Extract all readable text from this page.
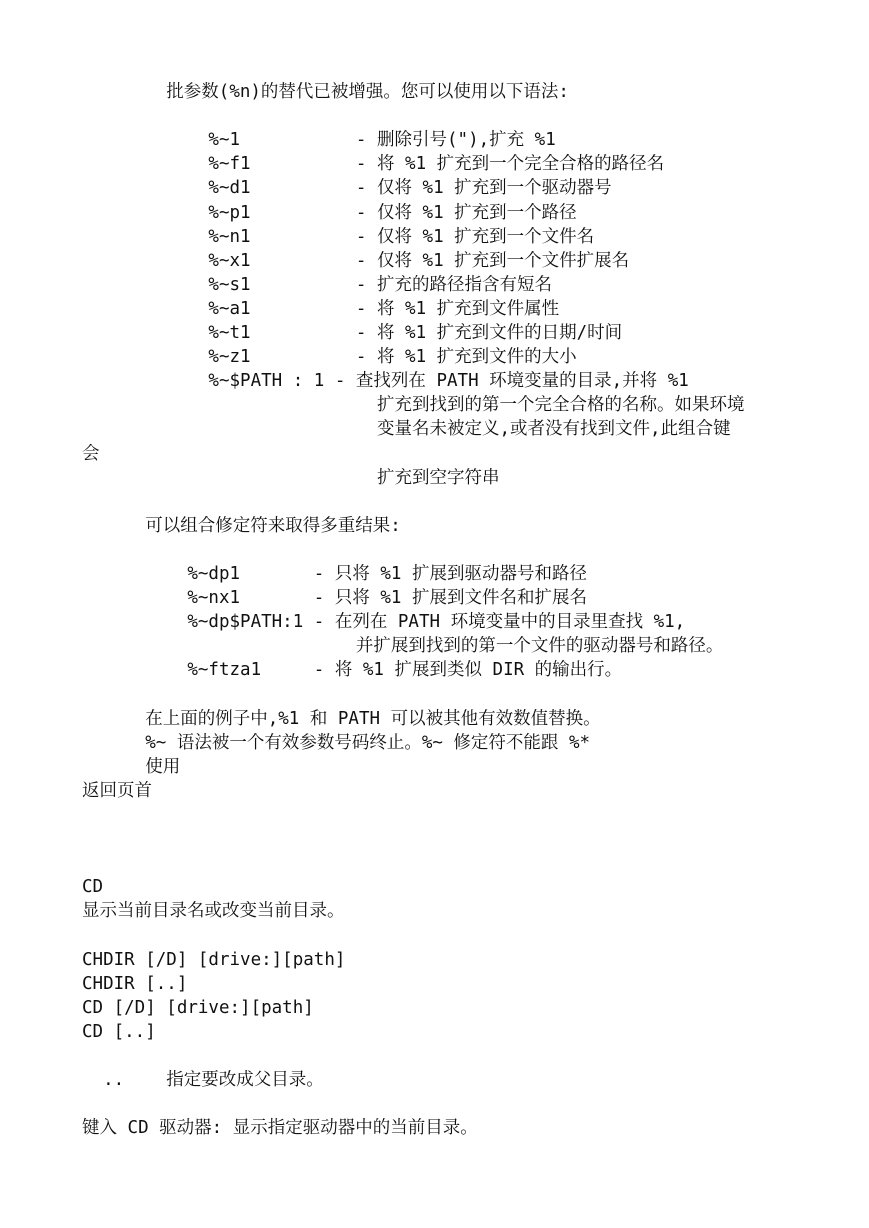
批参数(%n)的替代已被增强。您可以使用以下语法:
%~1           - 删除引号("),扩充 %1
%~f1          - 将 %1 扩充到一个完全合格的路径名
%~d1          - 仅将 %1 扩充到一个驱动器号
%~p1          - 仅将 %1 扩充到一个路径
%~n1          - 仅将 %1 扩充到一个文件名
%~x1          - 仅将 %1 扩充到一个文件扩展名
%~s1          - 扩充的路径指含有短名
%~a1          - 将 %1 扩充到文件属性
%~t1          - 将 %1 扩充到文件的日期/时间
%~z1          - 将 %1 扩充到文件的大小
%~$PATH : 1 - 查找列在 PATH 环境变量的目录,并将 %1
扩充到找到的第一个完全合格的名称。如果环境
变量名未被定义,或者没有找到文件,此组合键
会
扩充到空字符串
可以组合修定符来取得多重结果:
%~dp1       - 只将 %1 扩展到驱动器号和路径
%~nx1       - 只将 %1 扩展到文件名和扩展名
%~dp$PATH:1 - 在列在 PATH 环境变量中的目录里查找 %1,
并扩展到找到的第一个文件的驱动器号和路径。
%~ftza1     - 将 %1 扩展到类似 DIR 的输出行。
在上面的例子中,%1 和 PATH 可以被其他有效数值替换。
%~ 语法被一个有效参数号码终止。%~ 修定符不能跟 %*
使用
返回页首
CD
显示当前目录名或改变当前目录。
CHDIR [/D] [drive:][path]
CHDIR [..]
CD [/D] [drive:][path]
CD [..]
..    指定要改成父目录。
键入 CD 驱动器: 显示指定驱动器中的当前目录。
